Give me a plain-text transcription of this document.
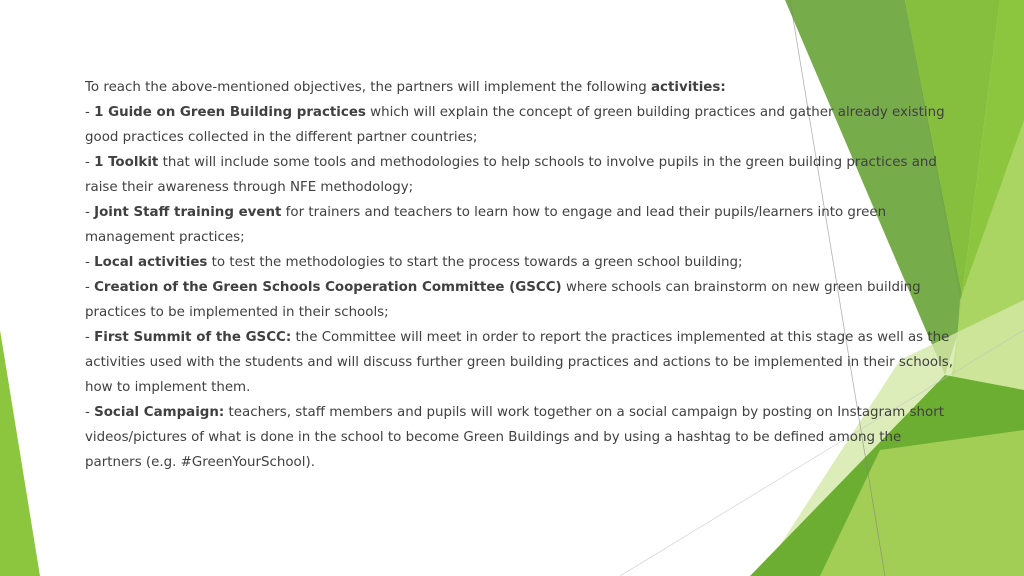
To reach the above-mentioned objectives, the partners will implement the following activities:

- 1 Guide on Green Building practices which will explain the concept of green building practices and gather already existing good practices collected in the different partner countries;

- 1 Toolkit that will include some tools and methodologies to help schools to involve pupils in the green building practices and raise their awareness through NFE methodology;

- Joint Staff training event for trainers and teachers to learn how to engage and lead their pupils/learners into green management practices;

- Local activities to test the methodologies to start the process towards a green school building;

- Creation of the Green Schools Cooperation Committee (GSCC) where schools can brainstorm on new green building practices to be implemented in their schools;

- First Summit of the GSCC: the Committee will meet in order to report the practices implemented at this stage as well as the activities used with the students and will discuss further green building practices and actions to be implemented in their schools, how to implement them.

- Social Campaign: teachers, staff members and pupils will work together on a social campaign by posting on Instagram short videos/pictures of what is done in the school to become Green Buildings and by using a hashtag to be defined among the partners (e.g. #GreenYourSchool).
